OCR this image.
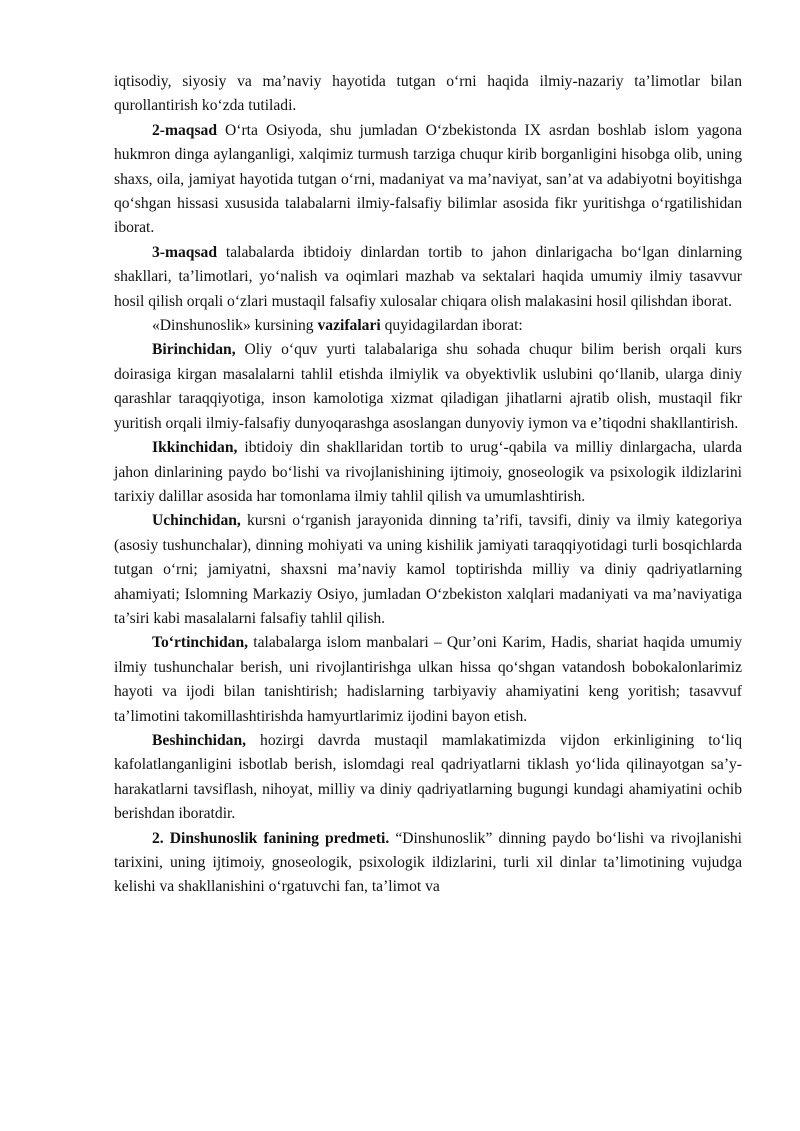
iqtisodiy, siyosiy va ma’naviy hayotida tutgan o‘rni haqida ilmiy-nazariy ta’limotlar bilan qurollantirish ko‘zda tutiladi.

2-maqsad O‘rta Osiyoda, shu jumladan O‘zbekistonda IX asrdan boshlab islom yagona hukmron dinga aylanganligi, xalqimiz turmush tarziga chuqur kirib borganligini hisobga olib, uning shaxs, oila, jamiyat hayotida tutgan o‘rni, madaniyat va ma’naviyat, san’at va adabiyotni boyitishga qo‘shgan hissasi xususida talabalarni ilmiy-falsafiy bilimlar asosida fikr yuritishga o‘rgatilishidan iborat.

3-maqsad talabalarda ibtidoiy dinlardan tortib to jahon dinlarigacha bo‘lgan dinlarning shakllari, ta’limotlari, yo‘nalish va oqimlari mazhab va sektalari haqida umumiy ilmiy tasavvur hosil qilish orqali o‘zlari mustaqil falsafiy xulosalar chiqara olish malakasini hosil qilishdan iborat.

«Dinshunoslik» kursining vazifalari quyidagilardan iborat:

Birinchidan, Oliy o‘quv yurti talabalariga shu sohada chuqur bilim berish orqali kurs doirasiga kirgan masalalarni tahlil etishda ilmiylik va obyektivlik uslubini qo‘llanib, ularga diniy qarashlar taraqqiyotiga, inson kamolotiga xizmat qiladigan jihatlarni ajratib olish, mustaqil fikr yuritish orqali ilmiy-falsafiy dunyoqarashga asoslangan dunyoviy iymon va e’tiqodni shakllantirish.

Ikkinchidan, ibtidoiy din shakllaridan tortib to urug‘-qabila va milliy dinlargacha, ularda jahon dinlarining paydo bo‘lishi va rivojlanishining ijtimoiy, gnoseologik va psixologik ildizlarini tarixiy dalillar asosida har tomonlama ilmiy tahlil qilish va umumlashtirish.

Uchinchidan, kursni o‘rganish jarayonida dinning ta’rifi, tavsifi, diniy va ilmiy kategoriya (asosiy tushunchalar), dinning mohiyati va uning kishilik jamiyati taraqqiyotidagi turli bosqichlarda tutgan o‘rni; jamiyatni, shaxsni ma’naviy kamol toptirishda milliy va diniy qadriyatlarning ahamiyati; Islomning Markaziy Osiyo, jumladan O‘zbekiston xalqlari madaniyati va ma’naviyatiga ta’siri kabi masalalarni falsafiy tahlil qilish.

To‘rtinchidan, talabalarga islom manbalari – Qur’oni Karim, Hadis, shariat haqida umumiy ilmiy tushunchalar berish, uni rivojlantirishga ulkan hissa qo‘shgan vatandosh bobokalonlarimiz hayoti va ijodi bilan tanishtirish; hadislarning tarbiyaviy ahamiyatini keng yoritish; tasavvuf ta’limotini takomillashtirishda hamyurtlarimiz ijodini bayon etish.

Beshinchidan, hozirgi davrda mustaqil mamlakatimizda vijdon erkinligining to‘liq kafolatlanganligini isbotlab berish, islomdagi real qadriyatlarni tiklash yo‘lida qilinayotgan sa’y-harakatlarni tavsiflash, nihoyat, milliy va diniy qadriyatlarning bugungi kundagi ahamiyatini ochib berishdan iboratdir.

2. Dinshunoslik fanining predmeti. “Dinshunoslik” dinning paydo bo‘lishi va rivojlanishi tarixini, uning ijtimoiy, gnoseologik, psixologik ildizlarini, turli xil dinlar ta’limotining vujudga kelishi va shakllanishini o‘rgatuvchi fan, ta’limot va
